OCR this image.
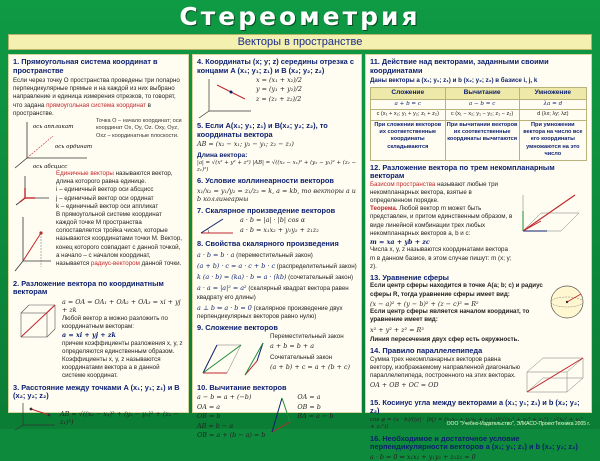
Стереометрия
Векторы в пространстве
1. Прямоугольная система координат в пространстве
Если через точку O пространства проведены три попарно перпендикулярные прямые и на каждой из них выбрано направление и единица измерения отрезков, то говорят, что задана прямоугольная система координат в пространстве.
ось аппликат
ось ординат
ось абсцисс
Точка O – начало координат; оси координат Ox, Oy, Oz. Oxy, Oyz, Oxz – координатные плоскости.
Единичные векторы называются вектор, длина которого равна единице.
i – единичный вектор оси абсцисс
j – единичный вектор оси ординат
k – единичный вектор оси аппликат
В прямоугольной системе координат каждой точке M пространства сопоставляется тройка чисел, которые называются координатами точки M. Вектор, конец которого совпадает с данной точкой, а начало – с началом координат, называется радиус-вектором данной точки.
2. Разложение вектора по координатным векторам
a = OA = OA₁ + OA₂ + OA₃ = xi + yj + zk
Любой вектор a можно разложить по координатным векторам:
a = xi + yj + zk
причем коэффициенты разложения x, y, z определяются единственным образом.
Коэффициенты x, y, z называются координатами вектора a в данной системе координат.
3. Расстояние между точками A (x₁; y₁; z₁) и B (x₂; y₂; z₂)
AB = √((x₂ − x₁)² + (y₂ − y₁)² + (z₂ − z₁)²)
4. Координаты (x; y; z) середины отрезка с концами A (x₁; y₁; z₁) и B (x₂; y₂; z₂)
x = (x₁ + x₂)/2
y = (y₁ + y₂)/2
z = (z₁ + z₂)/2
5. Если A(x₁; y₁; z₁) и B(x₂; y₂; z₂), то координаты вектора
AB = (x₂ − x₁; y₂ − y₁; z₂ − z₁)
Длина вектора:
|a| = √(x² + y² + z²) |AB| = √((x₂ − x₁)² + (y₂ − y₁)² + (z₂ − z₁)²)
6. Условие коллинеарности векторов
x₁/x₂ = y₁/y₂ = z₁/z₂ = k, a = kb, то векторы a и b коллинеарны
7. Скалярное произведение векторов
a · b = |a| · |b| cos α
a · b = x₁x₂ + y₁y₂ + z₁z₂
8. Свойства скалярного произведения
a · b = b · a (переместительный закон)
(a + b) · c = a · c + b · c (распределительный закон)
k (a · b) = (ka) · b = a · (kb) (сочетательный закон)
a · a = |a|² = a² (скалярный квадрат вектора равен квадрату его длины)
a ⊥ b ⇔ a · b = 0 (скалярное произведение двух перпендикулярных векторов равно нулю)
9. Сложение векторов
Переместительный закон
a + b = b + a
Сочетательный закон
(a + b) + c = a + (b + c)
10. Вычитание векторов
a − b = a + (−b)
OA = a
OB = b
AB = b − a
OB = a + (b − a) = b
OA = a
OB = b
BA = a − b
11. Действие над векторами, заданными своими координатами
Даны векторы a (x₁; y₁; z₁) и b (x₂; y₂; z₂) в базисе i, j, k
Сложение	Вычитание	Умножение
a + b = c	a − b = c	λa = d
c (x₁ + x₂; y₁ + y₂; z₁ + z₂)	c (x₁ − x₂; y₁ − y₂; z₁ − z₂)	d (λx; λy; λz)
При сложении векторов их соответственные координаты складываются	При вычитании векторов их соответственные координаты вычитаются	При умножении вектора на число все его координаты умножаются на это число
12. Разложение вектора по трем некомпланарным векторам
Базисом пространства называют любые три некомпланарных вектора, взятые в определенном порядке.
Теорема. Любой вектор m может быть представлен, и притом единственным образом, в виде линейной комбинации трех любых некомпланарных векторов a, b и c:
m = xa + yb + zc
Числа x, y, z называются координатами вектора m в данном базисе, в этом случае пишут: m (x; y; z).
13. Уравнение сферы
Если центр сферы находится в точке A(a; b; c) и радиус сферы R, тогда уравнение сферы имеет вид:
(x − a)² + (y − b)² + (z − c)² = R²
Если центр сферы является началом координат, то уравнение имеет вид:
x² + y² + z² = R²
Линия пересечения двух сфер есть окружность.
14. Правило параллелепипеда
Сумма трех некомпланарных векторов равна вектору, изображаемому направленной диагональю параллелепипеда, построенного на этих векторах.
OA + OB + OC = OD
15. Косинус угла между векторами a (x₁; y₁; z₁) и b (x₂; y₂; z₂)
cos φ = (a · b)/(|a| · |b|) = (x₁x₂ + y₁y₂ + z₁z₂)/(√(x₁² + y₁² + z₁²) · √(x₂² + y₂² + z₂²))
16. Необходимое и достаточное условие перпендикулярности векторов a (x₁; y₁; z₁) и b (x₂; y₂; z₂)
a · b = 0 ⇔ x₁x₂ + y₁y₂ + z₁z₂ = 0
ООО "Учебно-Издательство", ЭЛКАСО-ПроектТехника 2005 г.
